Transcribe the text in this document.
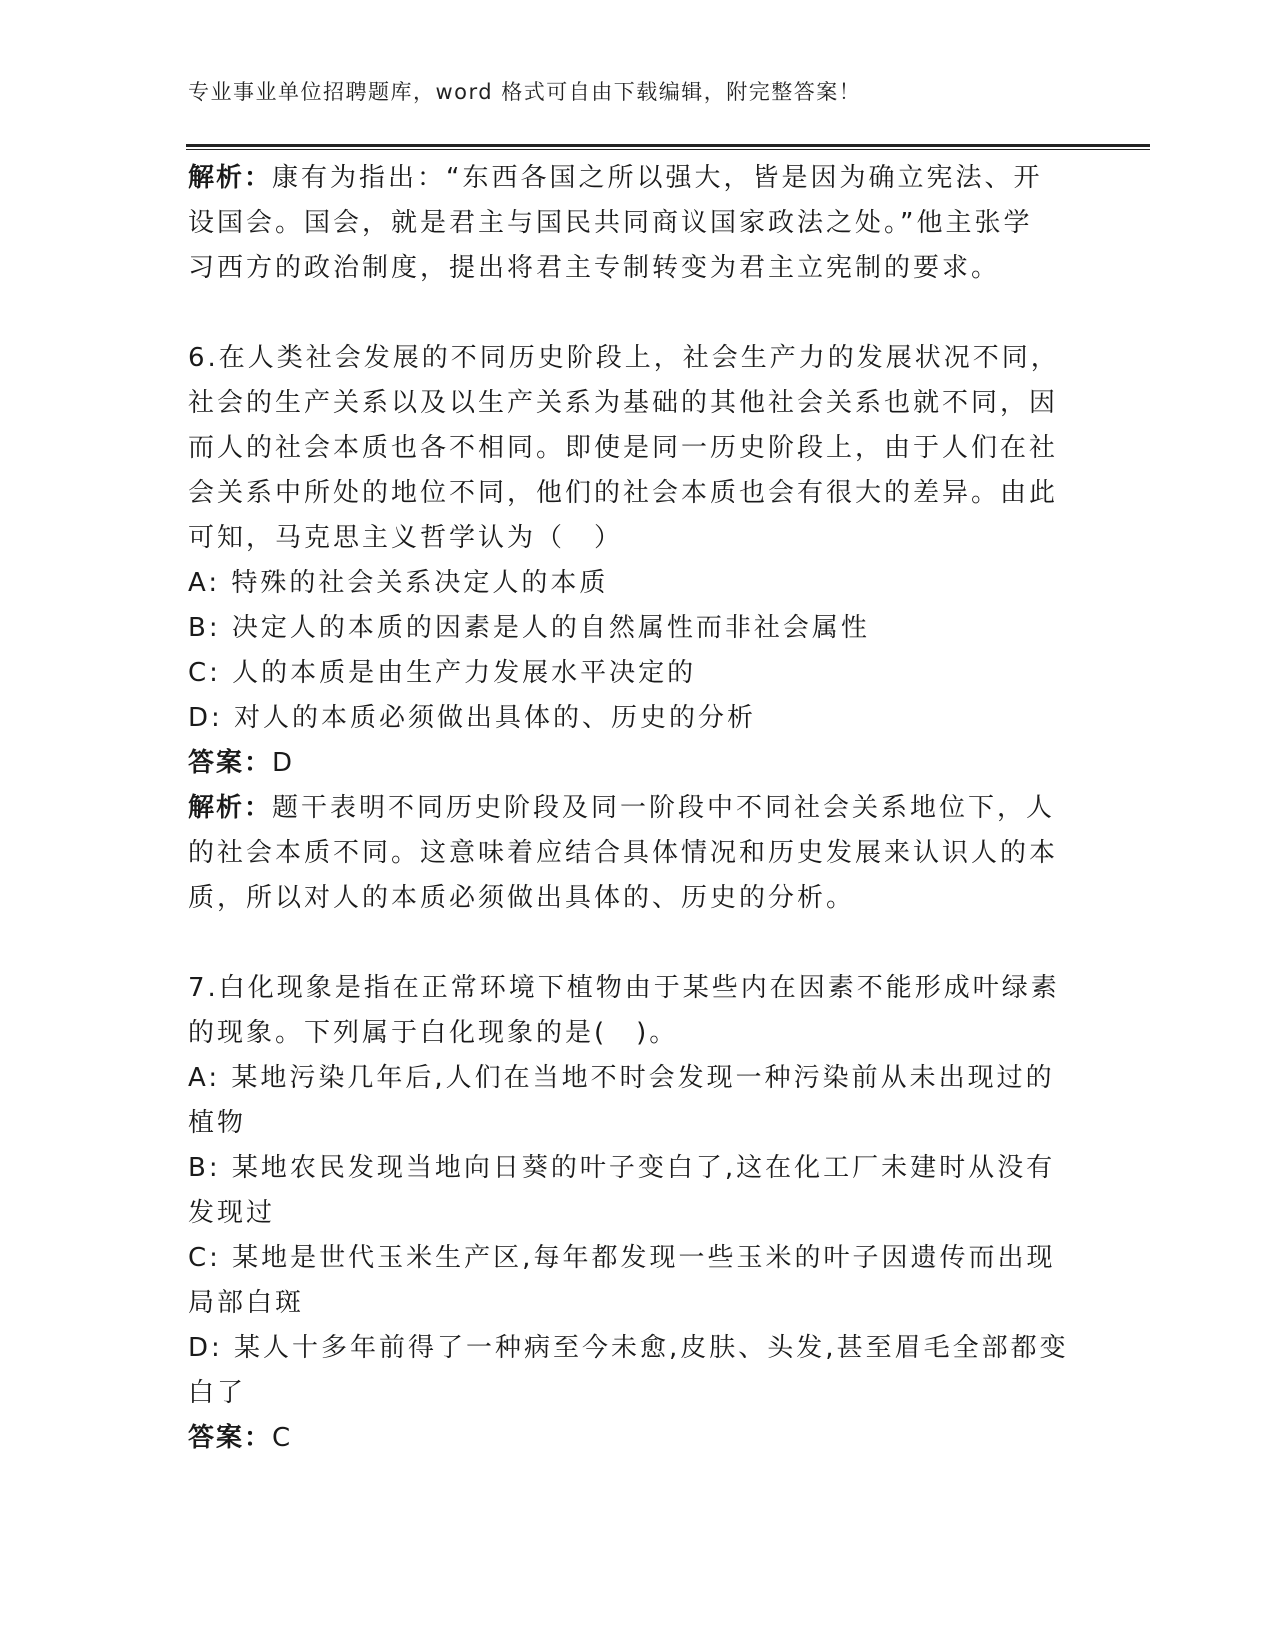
专业事业单位招聘题库，word 格式可自由下载编辑，附完整答案！
解析：康有为指出：“东西各国之所以强大，皆是因为确立宪法、开
设国会。国会，就是君主与国民共同商议国家政法之处。”他主张学
习西方的政治制度，提出将君主专制转变为君主立宪制的要求。
6.在人类社会发展的不同历史阶段上，社会生产力的发展状况不同，
社会的生产关系以及以生产关系为基础的其他社会关系也就不同，因
而人的社会本质也各不相同。即使是同一历史阶段上，由于人们在社
会关系中所处的地位不同，他们的社会本质也会有很大的差异。由此
可知，马克思主义哲学认为（　）
A: 特殊的社会关系决定人的本质
B: 决定人的本质的因素是人的自然属性而非社会属性
C: 人的本质是由生产力发展水平决定的
D: 对人的本质必须做出具体的、历史的分析
答案：D
解析：题干表明不同历史阶段及同一阶段中不同社会关系地位下，人
的社会本质不同。这意味着应结合具体情况和历史发展来认识人的本
质，所以对人的本质必须做出具体的、历史的分析。
7.白化现象是指在正常环境下植物由于某些内在因素不能形成叶绿素
的现象。下列属于白化现象的是(　)。
A: 某地污染几年后,人们在当地不时会发现一种污染前从未出现过的
植物
B: 某地农民发现当地向日葵的叶子变白了,这在化工厂未建时从没有
发现过
C: 某地是世代玉米生产区,每年都发现一些玉米的叶子因遗传而出现
局部白斑
D: 某人十多年前得了一种病至今未愈,皮肤、头发,甚至眉毛全部都变
白了
答案：C
